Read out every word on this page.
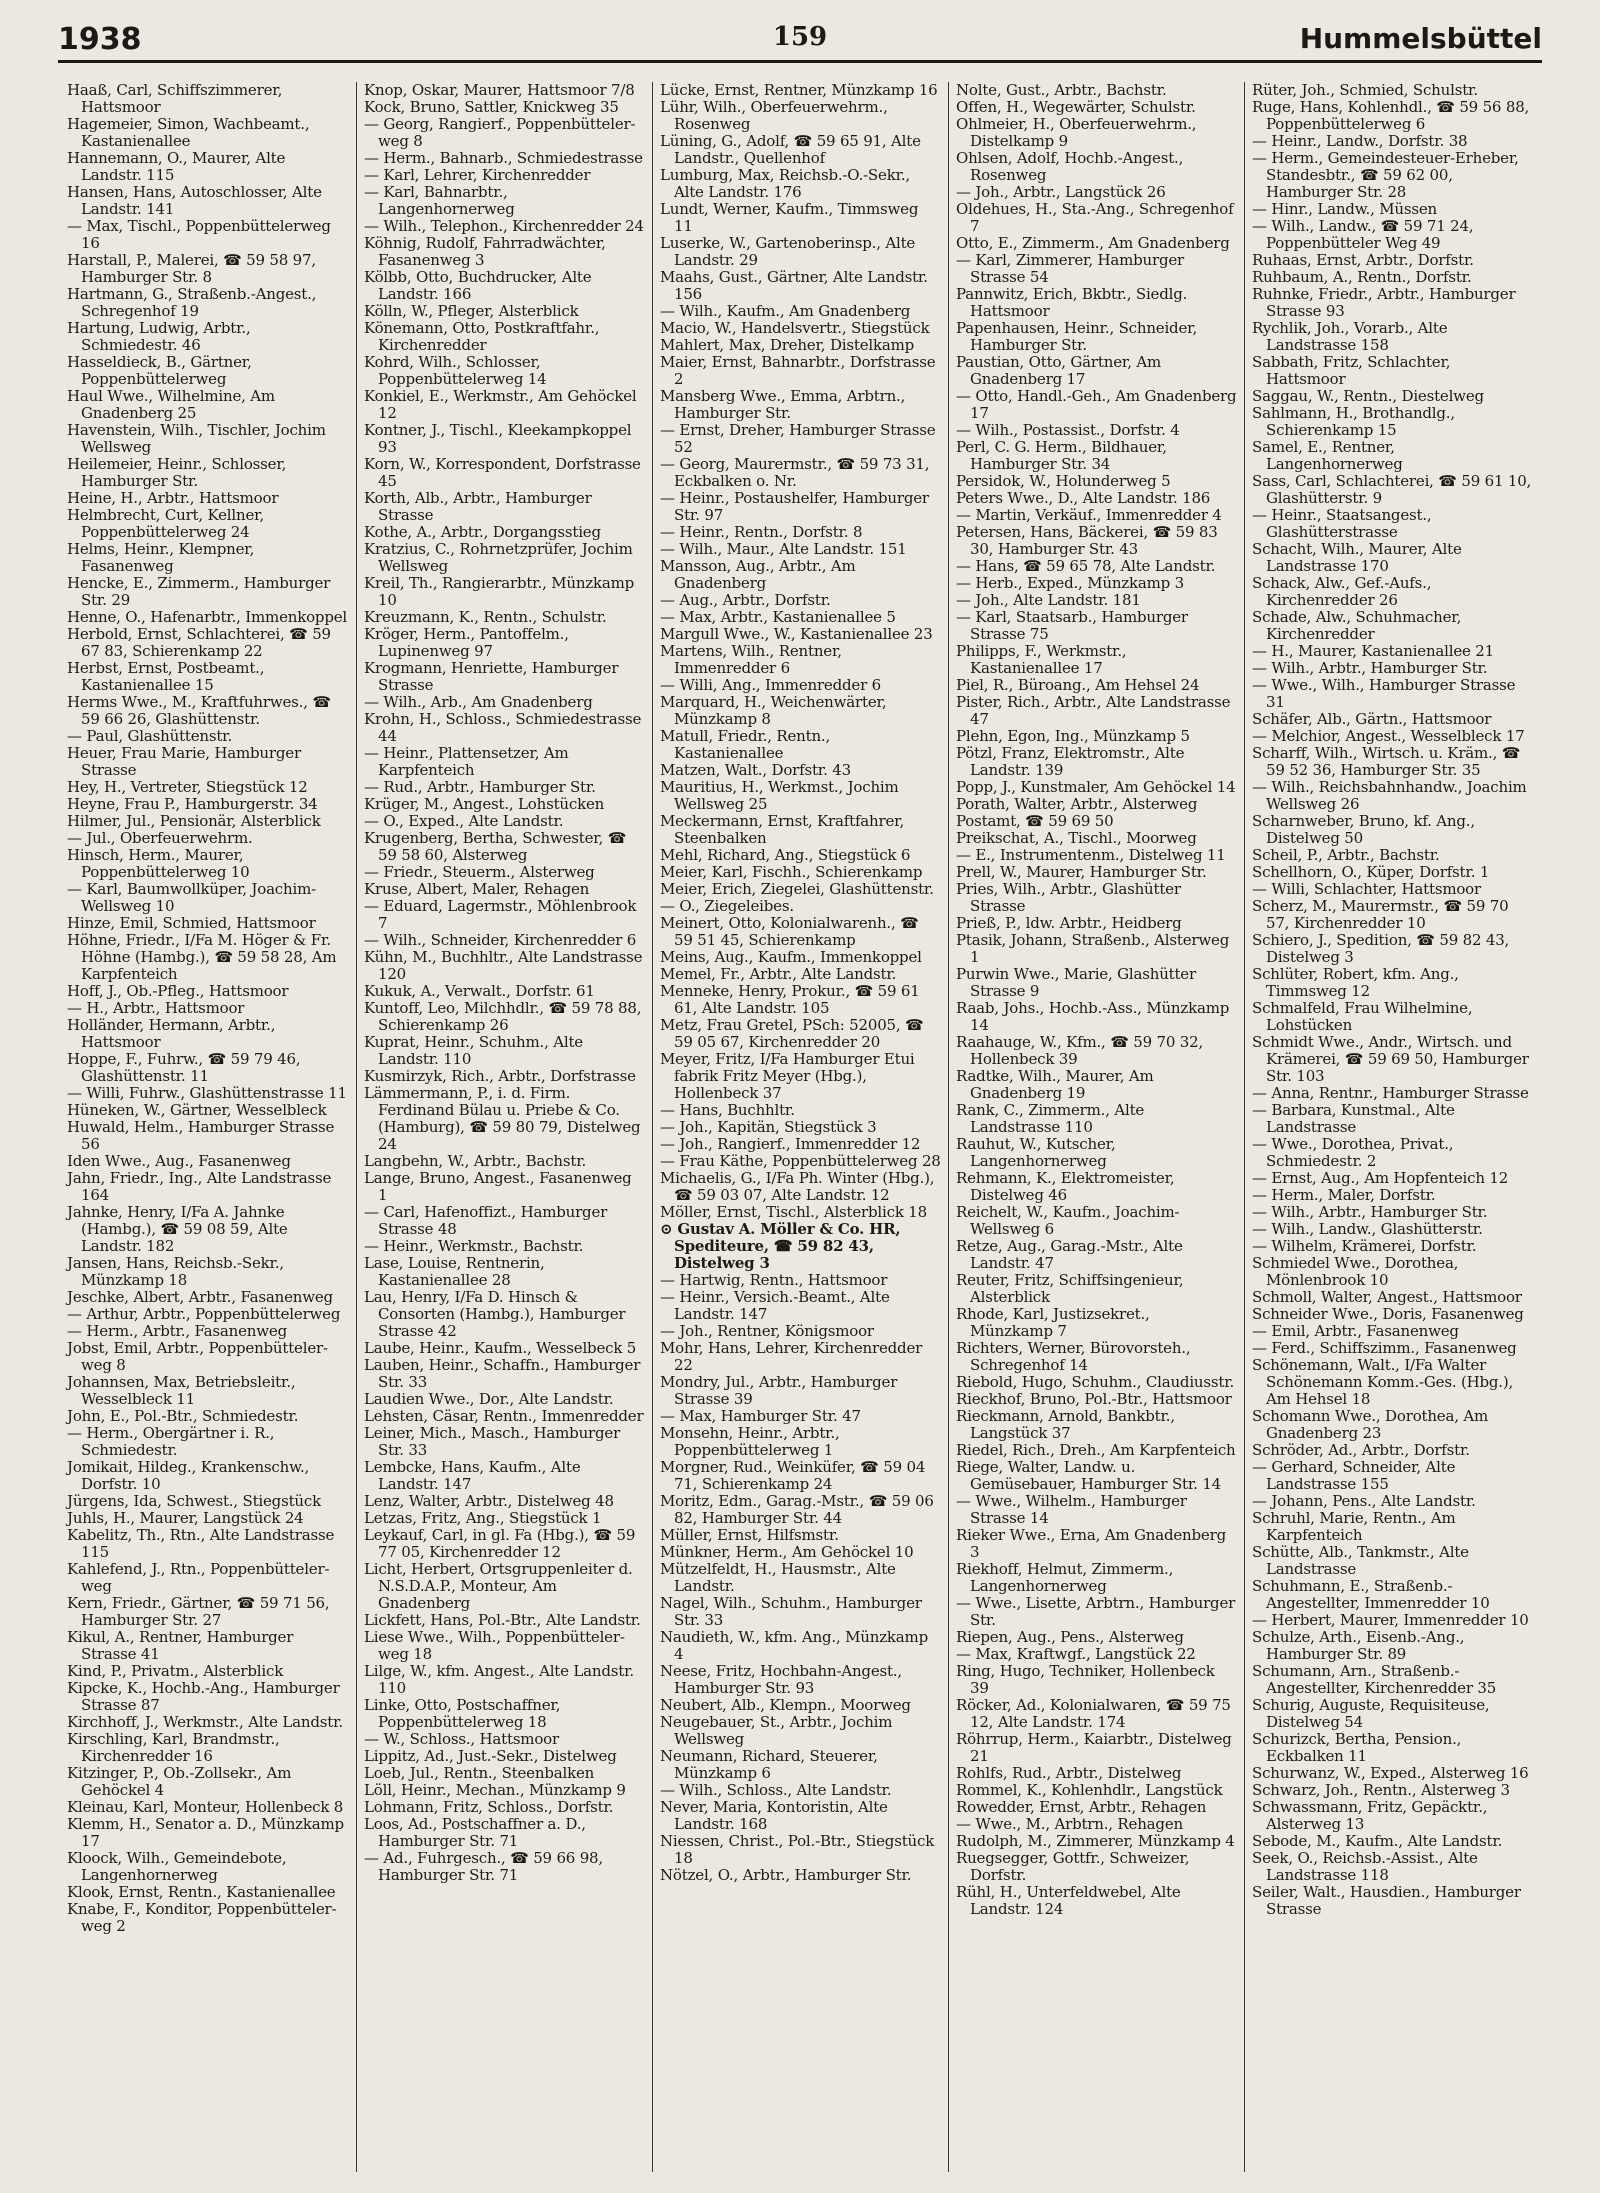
1938	159	Hummelsbüttel

Haaß, Carl, Schiffszimmerer, Hattsmoor

Hagemeier, Simon, Wachbeamt., Kastanienallee

Hannemann, O., Maurer, Alte Landstr. 115

Hansen, Hans, Autoschlosser, Alte Landstr. 141

— Max, Tischl., Poppenbüttelerweg 16

Harstall, P., Malerei, ☎ 59 58 97, Hamburger Str. 8

Hartmann, G., Straßenb.-Angest., Schregenhof 19

Hartung, Ludwig, Arbtr., Schmiedestr. 46

Hasseldieck, B., Gärtner, Poppenbüttelerweg

Haul Wwe., Wilhelmine, Am Gnadenberg 25

Havenstein, Wilh., Tischler, Jochim Wellsweg

Heilemeier, Heinr., Schlosser, Hamburger Str.

Heine, H., Arbtr., Hattsmoor

Helmbrecht, Curt, Kellner, Poppenbüttelerweg 24

Helms, Heinr., Klempner, Fasanenweg

Hencke, E., Zimmerm., Hamburger Str. 29

Henne, O., Hafenarbtr., Immenkoppel

Herbold, Ernst, Schlachterei, ☎ 59 67 83, Schierenkamp 22

Herbst, Ernst, Postbeamt., Kastanienallee 15

Herms Wwe., M., Kraftfuhrwes., ☎ 59 66 26, Glashüttenstr.

— Paul, Glashüttenstr.

Heuer, Frau Marie, Hamburger Strasse

Hey, H., Vertreter, Stiegstück 12

Heyne, Frau P., Hamburgerstr. 34

Hilmer, Jul., Pensionär, Alsterblick

— Jul., Oberfeuerwehrm.

Hinsch, Herm., Maurer, Poppenbüttelerweg 10

— Karl, Baumwollküper, Joachim-Wellsweg 10

Hinze, Emil, Schmied, Hattsmoor

Höhne, Friedr., I/Fa M. Höger & Fr. Höhne (Hambg.), ☎ 59 58 28, Am Karpfenteich

Hoff, J., Ob.-Pfleg., Hattsmoor

— H., Arbtr., Hattsmoor

Holländer, Hermann, Arbtr., Hattsmoor

Hoppe, F., Fuhrw., ☎ 59 79 46, Glashüttenstr. 11

— Willi, Fuhrw., Glashüttenstrasse 11

Hüneken, W., Gärtner, Wesselbleck

Huwald, Helm., Hamburger Strasse 56

Iden Wwe., Aug., Fasanenweg

Jahn, Friedr., Ing., Alte Landstrasse 164

Jahnke, Henry, I/Fa A. Jahnke (Hambg.), ☎ 59 08 59, Alte Landstr. 182

Jansen, Hans, Reichsb.-Sekr., Münzkamp 18

Jeschke, Albert, Arbtr., Fasanenweg

— Arthur, Arbtr., Poppenbüttelerweg

— Herm., Arbtr., Fasanenweg

Jobst, Emil, Arbtr., Poppenbüttelerweg 8

Johannsen, Max, Betriebsleitr., Wesselbleck 11

John, E., Pol.-Btr., Schmiedestr.

— Herm., Obergärtner i. R., Schmiedestr.

Jomikait, Hildeg., Krankenschw., Dorfstr. 10

Jürgens, Ida, Schwest., Stiegstück

Juhls, H., Maurer, Langstück 24

Kabelitz, Th., Rtn., Alte Landstrasse 115

Kahlefend, J., Rtn., Poppenbüttelerweg

Kern, Friedr., Gärtner, ☎ 59 71 56, Hamburger Str. 27

Kikul, A., Rentner, Hamburger Strasse 41

Kind, P., Privatm., Alsterblick

Kipcke, K., Hochb.-Ang., Hamburger Strasse 87

Kirchhoff, J., Werkmstr., Alte Landstr.

Kirschling, Karl, Brandmstr., Kirchenredder 16

Kitzinger, P., Ob.-Zollsekr., Am Gehöckel 4

Kleinau, Karl, Monteur, Hollenbeck 8

Klemm, H., Senator a. D., Münzkamp 17

Kloock, Wilh., Gemeindebote, Langenhornerweg

Klook, Ernst, Rentn., Kastanienallee

Knabe, F., Konditor, Poppenbüttelerweg 2

Knop, Oskar, Maurer, Hattsmoor 7/8

Kock, Bruno, Sattler, Knickweg 35

— Georg, Rangierf., Poppenbüttelerweg 8

— Herm., Bahnarb., Schmiedestrasse

— Karl, Lehrer, Kirchenredder

— Karl, Bahnarbtr., Langenhornerweg

— Wilh., Telephon., Kirchenredder 24

Köhnig, Rudolf, Fahrradwächter, Fasanenweg 3

Kölbb, Otto, Buchdrucker, Alte Landstr. 166

Kölln, W., Pfleger, Alsterblick

Könemann, Otto, Postkraftfahr., Kirchenredder

Kohrd, Wilh., Schlosser, Poppenbüttelerweg 14

Konkiel, E., Werkmstr., Am Gehöckel 12

Kontner, J., Tischl., Kleekampkoppel 93

Korn, W., Korrespondent, Dorfstrasse 45

Korth, Alb., Arbtr., Hamburger Strasse

Kothe, A., Arbtr., Dorgangsstieg

Kratzius, C., Rohrnetzprüfer, Jochim Wellsweg

Kreil, Th., Rangierarbtr., Münzkamp 10

Kreuzmann, K., Rentn., Schulstr.

Kröger, Herm., Pantoffelm., Lupinenweg 97

Krogmann, Henriette, Hamburger Strasse

— Wilh., Arb., Am Gnadenberg

Krohn, H., Schloss., Schmiedestrasse 44

— Heinr., Plattensetzer, Am Karpfenteich

— Rud., Arbtr., Hamburger Str.

Krüger, M., Angest., Lohstücken

— O., Exped., Alte Landstr.

Krugenberg, Bertha, Schwester, ☎ 59 58 60, Alsterweg

— Friedr., Steuerm., Alsterweg

Kruse, Albert, Maler, Rehagen

— Eduard, Lagermstr., Möhlenbrook 7

— Wilh., Schneider, Kirchenredder 6

Kühn, M., Buchhltr., Alte Landstrasse 120

Kukuk, A., Verwalt., Dorfstr. 61

Kuntoff, Leo, Milchhdlr., ☎ 59 78 88, Schierenkamp 26

Kuprat, Heinr., Schuhm., Alte Landstr. 110

Kusmirzyk, Rich., Arbtr., Dorfstrasse

Lämmermann, P., i. d. Firm. Ferdinand Bülau u. Priebe & Co. (Hamburg), ☎ 59 80 79, Distelweg 24

Langbehn, W., Arbtr., Bachstr.

Lange, Bruno, Angest., Fasanenweg 1

— Carl, Hafenoffizt., Hamburger Strasse 48

— Heinr., Werkmstr., Bachstr.

Lase, Louise, Rentnerin, Kastanienallee 28

Lau, Henry, I/Fa D. Hinsch & Consorten (Hambg.), Hamburger Strasse 42

Laube, Heinr., Kaufm., Wesselbeck 5

Lauben, Heinr., Schaffn., Hamburger Str. 33

Laudien Wwe., Dor., Alte Landstr.

Lehsten, Cäsar, Rentn., Immenredder

Leiner, Mich., Masch., Hamburger Str. 33

Lembcke, Hans, Kaufm., Alte Landstr. 147

Lenz, Walter, Arbtr., Distelweg 48

Letzas, Fritz, Ang., Stiegstück 1

Leykauf, Carl, in gl. Fa (Hbg.), ☎ 59 77 05, Kirchenredder 12

Licht, Herbert, Ortsgruppenleiter d. N.S.D.A.P., Monteur, Am Gnadenberg

Lickfett, Hans, Pol.-Btr., Alte Landstr.

Liese Wwe., Wilh., Poppenbüttelerweg 18

Lilge, W., kfm. Angest., Alte Landstr. 110

Linke, Otto, Postschaffner, Poppenbüttelerweg 18

— W., Schloss., Hattsmoor

Lippitz, Ad., Just.-Sekr., Distelweg

Loeb, Jul., Rentn., Steenbalken

Löll, Heinr., Mechan., Münzkamp 9

Lohmann, Fritz, Schloss., Dorfstr.

Loos, Ad., Postschaffner a. D., Hamburger Str. 71

— Ad., Fuhrgesch., ☎ 59 66 98, Hamburger Str. 71

Lücke, Ernst, Rentner, Münzkamp 16

Lühr, Wilh., Oberfeuerwehrm., Rosenweg

Lüning, G., Adolf, ☎ 59 65 91, Alte Landstr., Quellenhof

Lumburg, Max, Reichsb.-O.-Sekr., Alte Landstr. 176

Lundt, Werner, Kaufm., Timmsweg 11

Luserke, W., Gartenoberinsp., Alte Landstr. 29

Maahs, Gust., Gärtner, Alte Landstr. 156

— Wilh., Kaufm., Am Gnadenberg

Macio, W., Handelsvertr., Stiegstück

Mahlert, Max, Dreher, Distelkamp

Maier, Ernst, Bahnarbtr., Dorfstrasse 2

Mansberg Wwe., Emma, Arbtrn., Hamburger Str.

— Ernst, Dreher, Hamburger Strasse 52

— Georg, Maurermstr., ☎ 59 73 31, Eckbalken o. Nr.

— Heinr., Postaushelfer, Hamburger Str. 97

— Heinr., Rentn., Dorfstr. 8

— Wilh., Maur., Alte Landstr. 151

Mansson, Aug., Arbtr., Am Gnadenberg

— Aug., Arbtr., Dorfstr.

— Max, Arbtr., Kastanienallee 5

Margull Wwe., W., Kastanienallee 23

Martens, Wilh., Rentner, Immenredder 6

— Willi, Ang., Immenredder 6

Marquard, H., Weichenwärter, Münzkamp 8

Matull, Friedr., Rentn., Kastanienallee

Matzen, Walt., Dorfstr. 43

Mauritius, H., Werkmst., Jochim Wellsweg 25

Meckermann, Ernst, Kraftfahrer, Steenbalken

Mehl, Richard, Ang., Stiegstück 6

Meier, Karl, Fischh., Schierenkamp

Meier, Erich, Ziegelei, Glashüttenstr.

— O., Ziegeleibes.

Meinert, Otto, Kolonialwarenh., ☎ 59 51 45, Schierenkamp

Meins, Aug., Kaufm., Immenkoppel

Memel, Fr., Arbtr., Alte Landstr.

Menneke, Henry, Prokur., ☎ 59 61 61, Alte Landstr. 105

Metz, Frau Gretel, PSch: 52005, ☎ 59 05 67, Kirchenredder 20

Meyer, Fritz, I/Fa Hamburger Etui fabrik Fritz Meyer (Hbg.), Hollenbeck 37

— Hans, Buchhltr.

— Joh., Kapitän, Stiegstück 3

— Joh., Rangierf., Immenredder 12

— Frau Käthe, Poppenbüttelerweg 28

Michaelis, G., I/Fa Ph. Winter (Hbg.), ☎ 59 03 07, Alte Landstr. 12

Möller, Ernst, Tischl., Alsterblick 18

⊙ Gustav A. Möller & Co. HR, Spediteure, ☎ 59 82 43, Distelweg 3

— Hartwig, Rentn., Hattsmoor

— Heinr., Versich.-Beamt., Alte Landstr. 147

— Joh., Rentner, Königsmoor

Mohr, Hans, Lehrer, Kirchenredder 22

Mondry, Jul., Arbtr., Hamburger Strasse 39

— Max, Hamburger Str. 47

Monsehn, Heinr., Arbtr., Poppenbüttelerweg 1

Morgner, Rud., Weinküfer, ☎ 59 04 71, Schierenkamp 24

Moritz, Edm., Garag.-Mstr., ☎ 59 06 82, Hamburger Str. 44

Müller, Ernst, Hilfsmstr.

Münkner, Herm., Am Gehöckel 10

Mützelfeldt, H., Hausmstr., Alte Landstr.

Nagel, Wilh., Schuhm., Hamburger Str. 33

Naudieth, W., kfm. Ang., Münzkamp 4

Neese, Fritz, Hochbahn-Angest., Hamburger Str. 93

Neubert, Alb., Klempn., Moorweg

Neugebauer, St., Arbtr., Jochim Wellsweg

Neumann, Richard, Steuerer, Münzkamp 6

— Wilh., Schloss., Alte Landstr.

Never, Maria, Kontoristin, Alte Landstr. 168

Niessen, Christ., Pol.-Btr., Stiegstück 18

Nötzel, O., Arbtr., Hamburger Str.

Nolte, Gust., Arbtr., Bachstr.

Offen, H., Wegewärter, Schulstr.

Ohlmeier, H., Oberfeuerwehrm., Distelkamp 9

Ohlsen, Adolf, Hochb.-Angest., Rosenweg

— Joh., Arbtr., Langstück 26

Oldehues, H., Sta.-Ang., Schregenhof 7

Otto, E., Zimmerm., Am Gnadenberg

— Karl, Zimmerer, Hamburger Strasse 54

Pannwitz, Erich, Bkbtr., Siedlg. Hattsmoor

Papenhausen, Heinr., Schneider, Hamburger Str.

Paustian, Otto, Gärtner, Am Gnadenberg 17

— Otto, Handl.-Geh., Am Gnadenberg 17

— Wilh., Postassist., Dorfstr. 4

Perl, C. G. Herm., Bildhauer, Hamburger Str. 34

Persidok, W., Holunderweg 5

Peters Wwe., D., Alte Landstr. 186

— Martin, Verkäuf., Immenredder 4

Petersen, Hans, Bäckerei, ☎ 59 83 30, Hamburger Str. 43

— Hans, ☎ 59 65 78, Alte Landstr.

— Herb., Exped., Münzkamp 3

— Joh., Alte Landstr. 181

— Karl, Staatsarb., Hamburger Strasse 75

Philipps, F., Werkmstr., Kastanienallee 17

Piel, R., Büroang., Am Hehsel 24

Pister, Rich., Arbtr., Alte Landstrasse 47

Plehn, Egon, Ing., Münzkamp 5

Pötzl, Franz, Elektromstr., Alte Landstr. 139

Popp, J., Kunstmaler, Am Gehöckel 14

Porath, Walter, Arbtr., Alsterweg

Postamt, ☎ 59 69 50

Preikschat, A., Tischl., Moorweg

— E., Instrumentenm., Distelweg 11

Prell, W., Maurer, Hamburger Str.

Pries, Wilh., Arbtr., Glashütter Strasse

Prieß, P., ldw. Arbtr., Heidberg

Ptasik, Johann, Straßenb., Alsterweg 1

Purwin Wwe., Marie, Glashütter Strasse 9

Raab, Johs., Hochb.-Ass., Münzkamp 14

Raahauge, W., Kfm., ☎ 59 70 32, Hollenbeck 39

Radtke, Wilh., Maurer, Am Gnadenberg 19

Rank, C., Zimmerm., Alte Landstrasse 110

Rauhut, W., Kutscher, Langenhornerweg

Rehmann, K., Elektromeister, Distelweg 46

Reichelt, W., Kaufm., Joachim-Wellsweg 6

Retze, Aug., Garag.-Mstr., Alte Landstr. 47

Reuter, Fritz, Schiffsingenieur, Alsterblick

Rhode, Karl, Justizsekret., Münzkamp 7

Richters, Werner, Bürovorsteh., Schregenhof 14

Riebold, Hugo, Schuhm., Claudiusstr.

Rieckhof, Bruno, Pol.-Btr., Hattsmoor

Rieckmann, Arnold, Bankbtr., Langstück 37

Riedel, Rich., Dreh., Am Karpfenteich

Riege, Walter, Landw. u. Gemüsebauer, Hamburger Str. 14

— Wwe., Wilhelm., Hamburger Strasse 14

Rieker Wwe., Erna, Am Gnadenberg 3

Riekhoff, Helmut, Zimmerm., Langenhornerweg

— Wwe., Lisette, Arbtrn., Hamburger Str.

Riepen, Aug., Pens., Alsterweg

— Max, Kraftwgf., Langstück 22

Ring, Hugo, Techniker, Hollenbeck 39

Röcker, Ad., Kolonialwaren, ☎ 59 75 12, Alte Landstr. 174

Röhrrup, Herm., Kaiarbtr., Distelweg 21

Rohlfs, Rud., Arbtr., Distelweg

Rommel, K., Kohlenhdlr., Langstück

Rowedder, Ernst, Arbtr., Rehagen

— Wwe., M., Arbtrn., Rehagen

Rudolph, M., Zimmerer, Münzkamp 4

Ruegsegger, Gottfr., Schweizer, Dorfstr.

Rühl, H., Unterfeldwebel, Alte Landstr. 124

Rüter, Joh., Schmied, Schulstr.

Ruge, Hans, Kohlenhdl., ☎ 59 56 88, Poppenbüttelerweg 6

— Heinr., Landw., Dorfstr. 38

— Herm., Gemeindesteuer-Erheber, Standesbtr., ☎ 59 62 00, Hamburger Str. 28

— Hinr., Landw., Müssen

— Wilh., Landw., ☎ 59 71 24, Poppenbütteler Weg 49

Ruhaas, Ernst, Arbtr., Dorfstr.

Ruhbaum, A., Rentn., Dorfstr.

Ruhnke, Friedr., Arbtr., Hamburger Strasse 93

Rychlik, Joh., Vorarb., Alte Landstrasse 158

Sabbath, Fritz, Schlachter, Hattsmoor

Saggau, W., Rentn., Diestelweg

Sahlmann, H., Brothandlg., Schierenkamp 15

Samel, E., Rentner, Langenhornerweg

Sass, Carl, Schlachterei, ☎ 59 61 10, Glashütterstr. 9

— Heinr., Staatsangest., Glashütterstrasse

Schacht, Wilh., Maurer, Alte Landstrasse 170

Schack, Alw., Gef.-Aufs., Kirchenredder 26

Schade, Alw., Schuhmacher, Kirchenredder

— H., Maurer, Kastanienallee 21

— Wilh., Arbtr., Hamburger Str.

— Wwe., Wilh., Hamburger Strasse 31

Schäfer, Alb., Gärtn., Hattsmoor

— Melchior, Angest., Wesselbleck 17

Scharff, Wilh., Wirtsch. u. Kräm., ☎ 59 52 36, Hamburger Str. 35

— Wilh., Reichsbahnhandw., Joachim Wellsweg 26

Scharnweber, Bruno, kf. Ang., Distelweg 50

Scheil, P., Arbtr., Bachstr.

Schellhorn, O., Küper, Dorfstr. 1

— Willi, Schlachter, Hattsmoor

Scherz, M., Maurermstr., ☎ 59 70 57, Kirchenredder 10

Schiero, J., Spedition, ☎ 59 82 43, Distelweg 3

Schlüter, Robert, kfm. Ang., Timmsweg 12

Schmalfeld, Frau Wilhelmine, Lohstücken

Schmidt Wwe., Andr., Wirtsch. und Krämerei, ☎ 59 69 50, Hamburger Str. 103

— Anna, Rentnr., Hamburger Strasse

— Barbara, Kunstmal., Alte Landstrasse

— Wwe., Dorothea, Privat., Schmiedestr. 2

— Ernst, Aug., Am Hopfenteich 12

— Herm., Maler, Dorfstr.

— Wilh., Arbtr., Hamburger Str.

— Wilh., Landw., Glashütterstr.

— Wilhelm, Krämerei, Dorfstr.

Schmiedel Wwe., Dorothea, Mönlenbrook 10

Schmoll, Walter, Angest., Hattsmoor

Schneider Wwe., Doris, Fasanenweg

— Emil, Arbtr., Fasanenweg

— Ferd., Schiffszimm., Fasanenweg

Schönemann, Walt., I/Fa Walter Schönemann Komm.-Ges. (Hbg.), Am Hehsel 18

Schomann Wwe., Dorothea, Am Gnadenberg 23

Schröder, Ad., Arbtr., Dorfstr.

— Gerhard, Schneider, Alte Landstrasse 155

— Johann, Pens., Alte Landstr.

Schruhl, Marie, Rentn., Am Karpfenteich

Schütte, Alb., Tankmstr., Alte Landstrasse

Schuhmann, E., Straßenb.-Angestellter, Immenredder 10

— Herbert, Maurer, Immenredder 10

Schulze, Arth., Eisenb.-Ang., Hamburger Str. 89

Schumann, Arn., Straßenb.-Angestellter, Kirchenredder 35

Schurig, Auguste, Requisiteuse, Distelweg 54

Schurizck, Bertha, Pension., Eckbalken 11

Schurwanz, W., Exped., Alsterweg 16

Schwarz, Joh., Rentn., Alsterweg 3

Schwassmann, Fritz, Gepäcktr., Alsterweg 13

Sebode, M., Kaufm., Alte Landstr.

Seek, O., Reichsb.-Assist., Alte Landstrasse 118

Seiler, Walt., Hausdien., Hamburger Strasse
